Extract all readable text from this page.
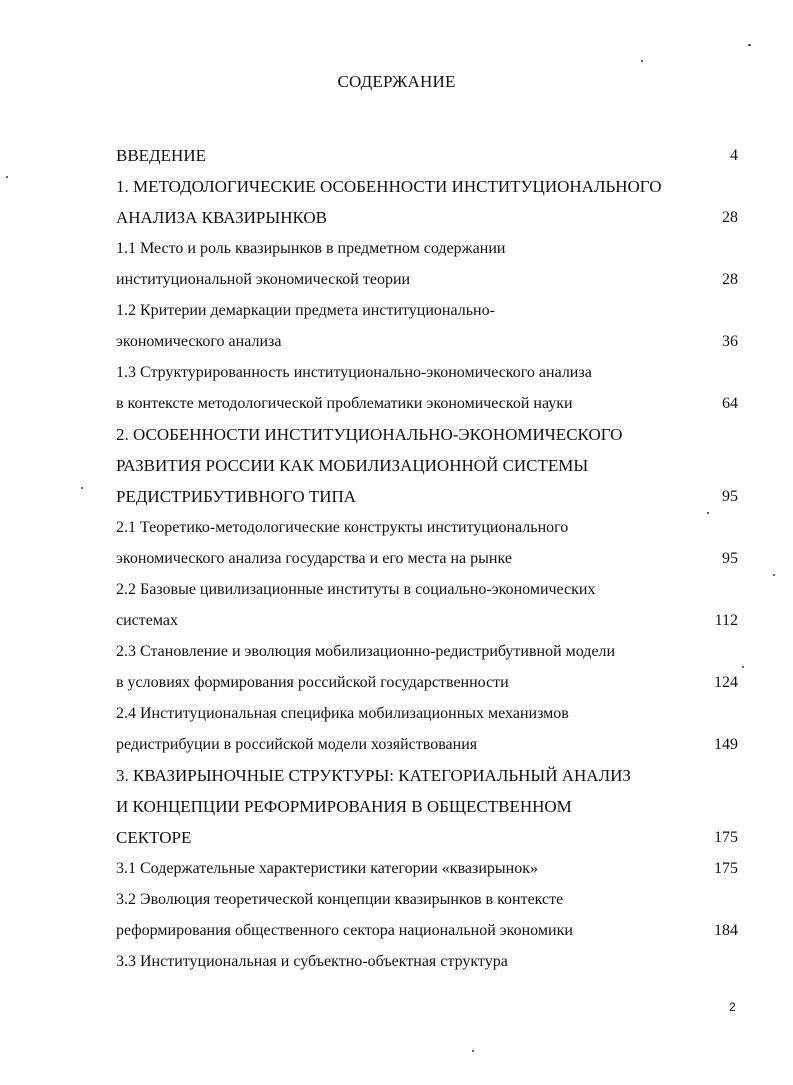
СОДЕРЖАНИЕ
ВВЕДЕНИЕ	4
1. МЕТОДОЛОГИЧЕСКИЕ ОСОБЕННОСТИ ИНСТИТУЦИОНАЛЬНОГО
АНАЛИЗА КВАЗИРЫНКОВ	28
1.1 Место и роль квазирынков в предметном содержании
институциональной экономической теории	28
1.2 Критерии демаркации предмета институционально-
экономического анализа	36
1.3 Структурированность институционально-экономического анализа
в контексте методологической проблематики экономической науки	64
2. ОСОБЕННОСТИ ИНСТИТУЦИОНАЛЬНО-ЭКОНОМИЧЕСКОГО
РАЗВИТИЯ РОССИИ КАК МОБИЛИЗАЦИОННОЙ СИСТЕМЫ
РЕДИСТРИБУТИВНОГО ТИПА	95
2.1 Теоретико-методологические конструкты институционального
экономического анализа государства и его места на рынке	95
2.2 Базовые цивилизационные институты в социально-экономических
системах	112
2.3 Становление и эволюция мобилизационно-редистрибутивной модели
в условиях формирования российской государственности	124
2.4 Институциональная специфика мобилизационных механизмов
редистрибуции в российской модели хозяйствования	149
3. КВАЗИРЫНОЧНЫЕ СТРУКТУРЫ: КАТЕГОРИАЛЬНЫЙ АНАЛИЗ
И КОНЦЕПЦИИ РЕФОРМИРОВАНИЯ В ОБЩЕСТВЕННОМ
СЕКТОРЕ	175
3.1 Содержательные характеристики категории «квазирынок»	175
3.2 Эволюция теоретической концепции квазирынков в контексте
реформирования общественного сектора национальной экономики	184
3.3 Институциональная и субъектно-объектная структура
2
